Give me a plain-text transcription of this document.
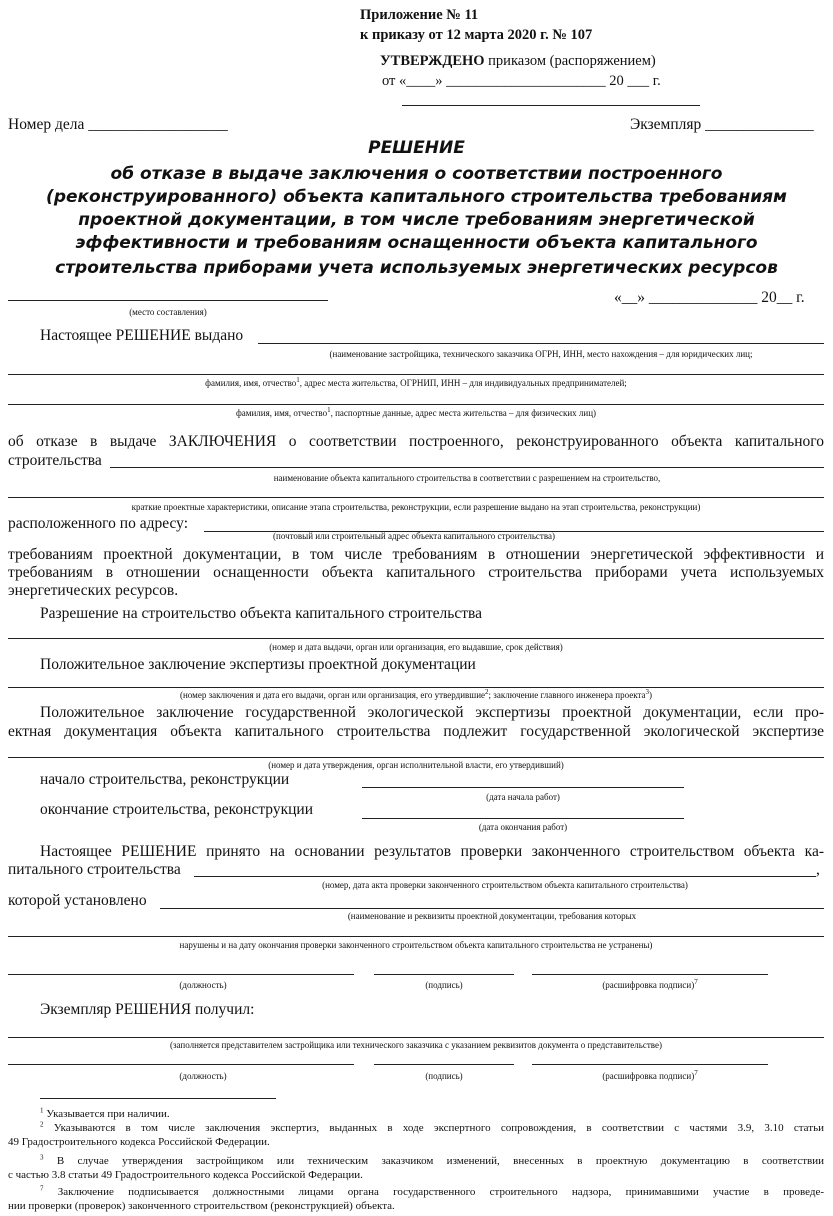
Приложение № 11
к приказу от 12 марта 2020 г. № 107
УТВЕРЖДЕНО приказом (распоряжением)
от «____» ______________________ 20 ___ г.
Номер дела __________________	Экземпляр ______________
РЕШЕНИЕ
об отказе в выдаче заключения о соответствии построенного
(реконструированного) объекта капитального строительства требованиям
проектной документации, в том числе требованиям энергетической
эффективности и требованиям оснащенности объекта капитального
строительства приборами учета используемых энергетических ресурсов
(место составления)
«__» ______________ 20__ г.
Настоящее РЕШЕНИЕ выдано
(наименование застройщика, технического заказчика ОГРН, ИНН, место нахождения – для юридических лиц;
фамилия, имя, отчество$^1$, адрес места жительства, ОГРНИП, ИНН – для индивидуальных предпринимателей;
фамилия, имя, отчество$^1$, паспортные данные, адрес места жительства – для физических лиц)
об отказе в выдаче ЗАКЛЮЧЕНИЯ о соответствии построенного, реконструированного объекта капитального
строительства
наименование объекта капитального строительства в соответствии с разрешением на строительство,
краткие проектные характеристики, описание этапа строительства, реконструкции, если разрешение выдано на этап строительства, реконструкции)
расположенного по адресу:
(почтовый или строительный адрес объекта капитального строительства)
требованиям проектной документации, в том числе требованиям в отношении энергетической эффективности и
требованиям в отношении оснащенности объекта капитального строительства приборами учета используемых
энергетических ресурсов.
Разрешение на строительство объекта капитального строительства
(номер и дата выдачи, орган или организация, его выдавшие, срок действия)
Положительное заключение экспертизы проектной документации
(номер заключения и дата его выдачи, орган или организация, его утвердившие$^2$; заключение главного инженера проекта$^3$)
Положительное заключение государственной экологической экспертизы проектной документации, если про-
ектная документация объекта капитального строительства подлежит государственной экологической экспертизе
(номер и дата утверждения, орган исполнительной власти, его утвердивший)
начало строительства, реконструкции
(дата начала работ)
окончание строительства, реконструкции
(дата окончания работ)
Настоящее РЕШЕНИЕ принято на основании результатов проверки законченного строительством объекта ка-
питального строительства	,
(номер, дата акта проверки законченного строительством объекта капитального строительства)
которой установлено
(наименование и реквизиты проектной документации, требования которых
нарушены и на дату окончания проверки законченного строительством объекта капитального строительства не устранены)
(должность)	(подпись)	(расшифровка подписи)$^7$
Экземпляр РЕШЕНИЯ получил:
(заполняется представителем застройщика или технического заказчика с указанием реквизитов документа о представительстве)
(должность)	(подпись)	(расшифровка подписи)$^7$
$^1$ Указывается при наличии.
$^2$ Указываются в том числе заключения экспертиз, выданных в ходе экспертного сопровождения, в соответствии с частями 3.9, 3.10 статьи
49 Градостроительного кодекса Российской Федерации.
$^3$ В случае утверждения застройщиком или техническим заказчиком изменений, внесенных в проектную документацию в соответствии
с частью 3.8 статьи 49 Градостроительного кодекса Российской Федерации.
$^7$ Заключение подписывается должностными лицами органа государственного строительного надзора, принимавшими участие в проведе-
нии проверки (проверок) законченного строительством (реконструкцией) объекта.
